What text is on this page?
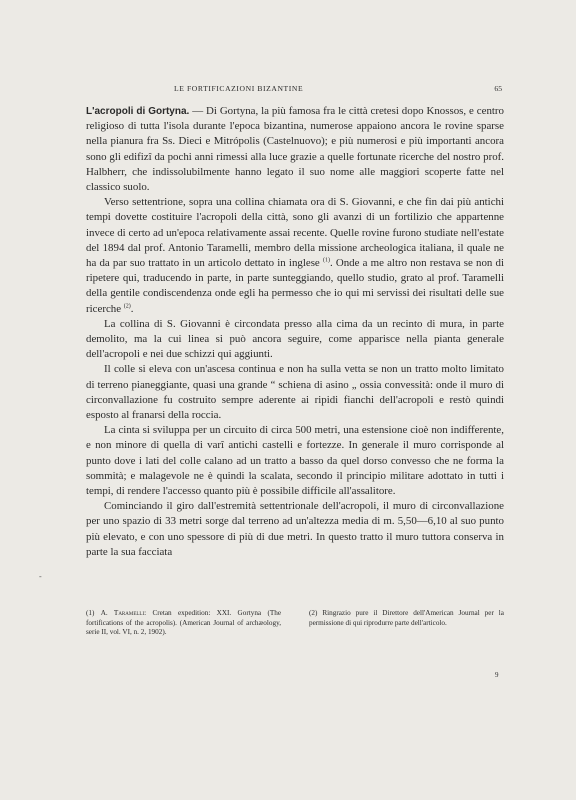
LE FORTIFICAZIONI BIZANTINE	65

L'acropoli di Gortyna. — Di Gortyna, la più famosa fra le città cretesi dopo Knossos, e centro religioso di tutta l'isola durante l'epoca bizantina, numerose appaiono ancora le rovine sparse nella pianura fra Ss. Dieci e Mitrópolis (Castelnuovo); e più numerosi e più importanti ancora sono gli edifizî da pochi anni rimessi alla luce grazie a quelle fortunate ricerche del nostro prof. Halbherr, che indissolubilmente hanno legato il suo nome alle maggiori scoperte fatte nel classico suolo.

Verso settentrione, sopra una collina chiamata ora di S. Giovanni, e che fin dai più antichi tempi dovette costituire l'acropoli della città, sono gli avanzi di un fortilizio che appartenne invece di certo ad un'epoca relativamente assai recente. Quelle rovine furono studiate nell'estate del 1894 dal prof. Antonio Taramelli, membro della missione archeologica italiana, il quale ne ha da par suo trattato in un articolo dettato in inglese $^{(1)}$. Onde a me altro non restava se non di ripetere qui, traducendo in parte, in parte sunteggiando, quello studio, grato al prof. Taramelli della gentile condiscendenza onde egli ha permesso che io qui mi servissi dei risultati delle sue ricerche $^{(2)}$.

La collina di S. Giovanni è circondata presso alla cima da un recinto di mura, in parte demolito, ma la cui linea si può ancora seguire, come apparisce nella pianta generale dell'acropoli e nei due schizzi qui aggiunti.

Il colle si eleva con un'ascesa continua e non ha sulla vetta se non un tratto molto limitato di terreno pianeggiante, quasi una grande “ schiena di asino „ ossia convessità: onde il muro di circonvallazione fu costruito sempre aderente ai ripidi fianchi dell'acropoli e restò quindi esposto al franarsi della roccia.

La cinta si sviluppa per un circuito di circa 500 metri, una estensione cioè non indifferente, e non minore di quella di varî antichi castelli e fortezze. In generale il muro corrisponde al punto dove i lati del colle calano ad un tratto a basso da quel dorso convesso che ne forma la sommità; e malagevole ne è quindi la scalata, secondo il principio militare adottato in tutti i tempi, di rendere l'accesso quanto più è possibile difficile all'assalitore.

Cominciando il giro dall'estremità settentrionale dell'acropoli, il muro di circonvallazione per uno spazio di 33 metri sorge dal terreno ad un'altezza media di m. 5,50—6,10 al suo punto più elevato, e con uno spessore di più di due metri. In questo tratto il muro tuttora conserva in parte la sua facciata

(1) A. Taramelli: Cretan expedition: XXI. Gortyna (The fortifications of the acropolis). (American Journal of archæology, serie II, vol. VI, n. 2, 1902).
(2) Ringrazio pure il Direttore dell'American Journal per la permissione di qui riprodurre parte dell'articolo.
9
-
